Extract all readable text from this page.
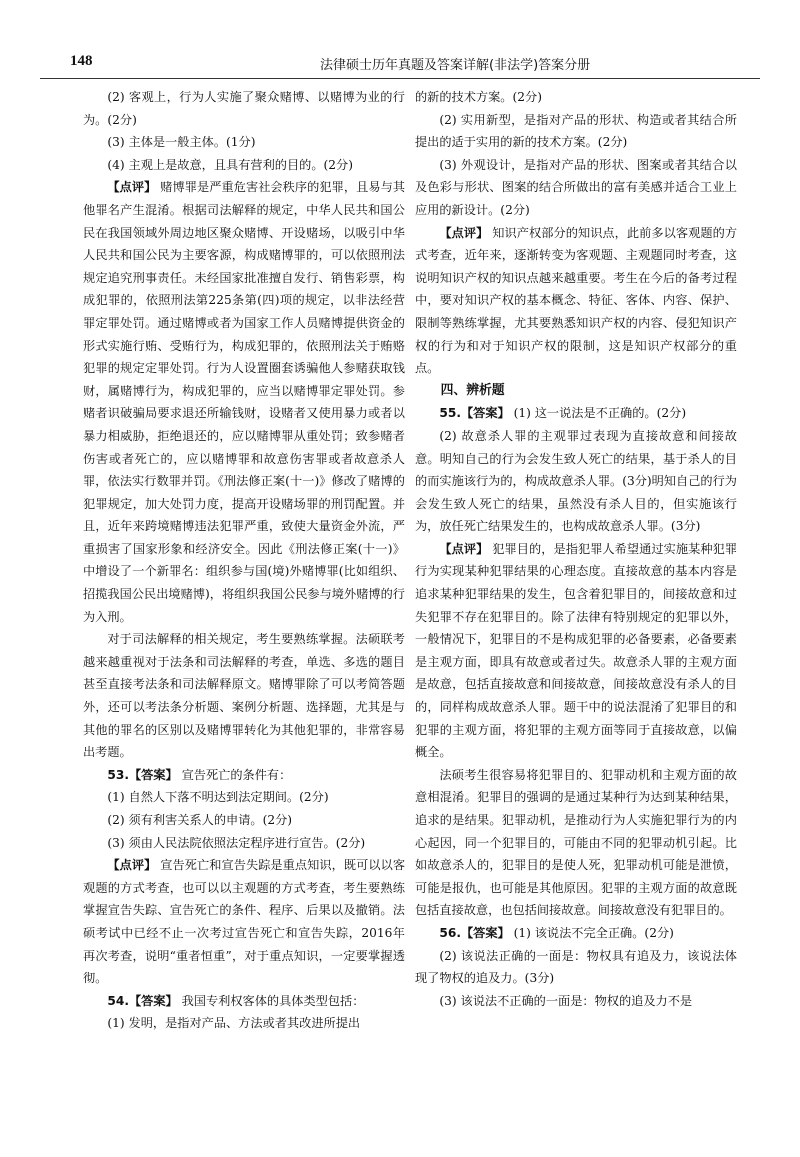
148	法律硕士历年真题及答案详解(非法学)答案分册

(2) 客观上，行为人实施了聚众赌博、以赌博为业的行为。(2分)

(3) 主体是一般主体。(1分)

(4) 主观上是故意，且具有营利的目的。(2分)

【点评】 赌博罪是严重危害社会秩序的犯罪，且易与其他罪名产生混淆。根据司法解释的规定，中华人民共和国公民在我国领域外周边地区聚众赌博、开设赌场，以吸引中华人民共和国公民为主要客源，构成赌博罪的，可以依照刑法规定追究刑事责任。未经国家批准擅自发行、销售彩票，构成犯罪的，依照刑法第225条第(四)项的规定，以非法经营罪定罪处罚。通过赌博或者为国家工作人员赌博提供资金的形式实施行贿、受贿行为，构成犯罪的，依照刑法关于贿赂犯罪的规定定罪处罚。行为人设置圈套诱骗他人参赌获取钱财，属赌博行为，构成犯罪的，应当以赌博罪定罪处罚。参赌者识破骗局要求退还所输钱财，设赌者又使用暴力或者以暴力相威胁，拒绝退还的，应以赌博罪从重处罚；致参赌者伤害或者死亡的，应以赌博罪和故意伤害罪或者故意杀人罪，依法实行数罪并罚。《刑法修正案(十一)》修改了赌博的犯罪规定，加大处罚力度，提高开设赌场罪的刑罚配置。并且，近年来跨境赌博违法犯罪严重，致使大量资金外流，严重损害了国家形象和经济安全。因此《刑法修正案(十一)》中增设了一个新罪名：组织参与国(境)外赌博罪(比如组织、招揽我国公民出境赌博)，将组织我国公民参与境外赌博的行为入刑。

对于司法解释的相关规定，考生要熟练掌握。法硕联考越来越重视对于法条和司法解释的考查，单选、多选的题目甚至直接考法条和司法解释原文。赌博罪除了可以考简答题外，还可以考法条分析题、案例分析题、选择题，尤其是与其他的罪名的区别以及赌博罪转化为其他犯罪的，非常容易出考题。

53.【答案】 宣告死亡的条件有：

(1) 自然人下落不明达到法定期间。(2分)

(2) 须有利害关系人的申请。(2分)

(3) 须由人民法院依照法定程序进行宣告。(2分)

【点评】 宣告死亡和宣告失踪是重点知识，既可以以客观题的方式考查，也可以以主观题的方式考查，考生要熟练掌握宣告失踪、宣告死亡的条件、程序、后果以及撤销。法硕考试中已经不止一次考过宣告死亡和宣告失踪，2016年再次考查，说明“重者恒重”，对于重点知识，一定要掌握透彻。

54.【答案】 我国专利权客体的具体类型包括：

(1) 发明，是指对产品、方法或者其改进所提出

的新的技术方案。(2分)

(2) 实用新型，是指对产品的形状、构造或者其结合所提出的适于实用的新的技术方案。(2分)

(3) 外观设计，是指对产品的形状、图案或者其结合以及色彩与形状、图案的结合所做出的富有美感并适合工业上应用的新设计。(2分)

【点评】 知识产权部分的知识点，此前多以客观题的方式考查，近年来，逐渐转变为客观题、主观题同时考查，这说明知识产权的知识点越来越重要。考生在今后的备考过程中，要对知识产权的基本概念、特征、客体、内容、保护、限制等熟练掌握，尤其要熟悉知识产权的内容、侵犯知识产权的行为和对于知识产权的限制，这是知识产权部分的重点。

四、辨析题

55.【答案】 (1) 这一说法是不正确的。(2分)

(2) 故意杀人罪的主观罪过表现为直接故意和间接故意。明知自己的行为会发生致人死亡的结果，基于杀人的目的而实施该行为的，构成故意杀人罪。(3分)明知自己的行为会发生致人死亡的结果，虽然没有杀人目的，但实施该行为，放任死亡结果发生的，也构成故意杀人罪。(3分)

【点评】 犯罪目的，是指犯罪人希望通过实施某种犯罪行为实现某种犯罪结果的心理态度。直接故意的基本内容是追求某种犯罪结果的发生，包含着犯罪目的，间接故意和过失犯罪不存在犯罪目的。除了法律有特别规定的犯罪以外，一般情况下，犯罪目的不是构成犯罪的必备要素，必备要素是主观方面，即具有故意或者过失。故意杀人罪的主观方面是故意，包括直接故意和间接故意，间接故意没有杀人的目的，同样构成故意杀人罪。题干中的说法混淆了犯罪目的和犯罪的主观方面，将犯罪的主观方面等同于直接故意，以偏概全。

法硕考生很容易将犯罪目的、犯罪动机和主观方面的故意相混淆。犯罪目的强调的是通过某种行为达到某种结果，追求的是结果。犯罪动机，是推动行为人实施犯罪行为的内心起因，同一个犯罪目的，可能由不同的犯罪动机引起。比如故意杀人的，犯罪目的是使人死，犯罪动机可能是泄愤，可能是报仇，也可能是其他原因。犯罪的主观方面的故意既包括直接故意，也包括间接故意。间接故意没有犯罪目的。

56.【答案】 (1) 该说法不完全正确。(2分)

(2) 该说法正确的一面是：物权具有追及力，该说法体现了物权的追及力。(3分)

(3) 该说法不正确的一面是：物权的追及力不是
